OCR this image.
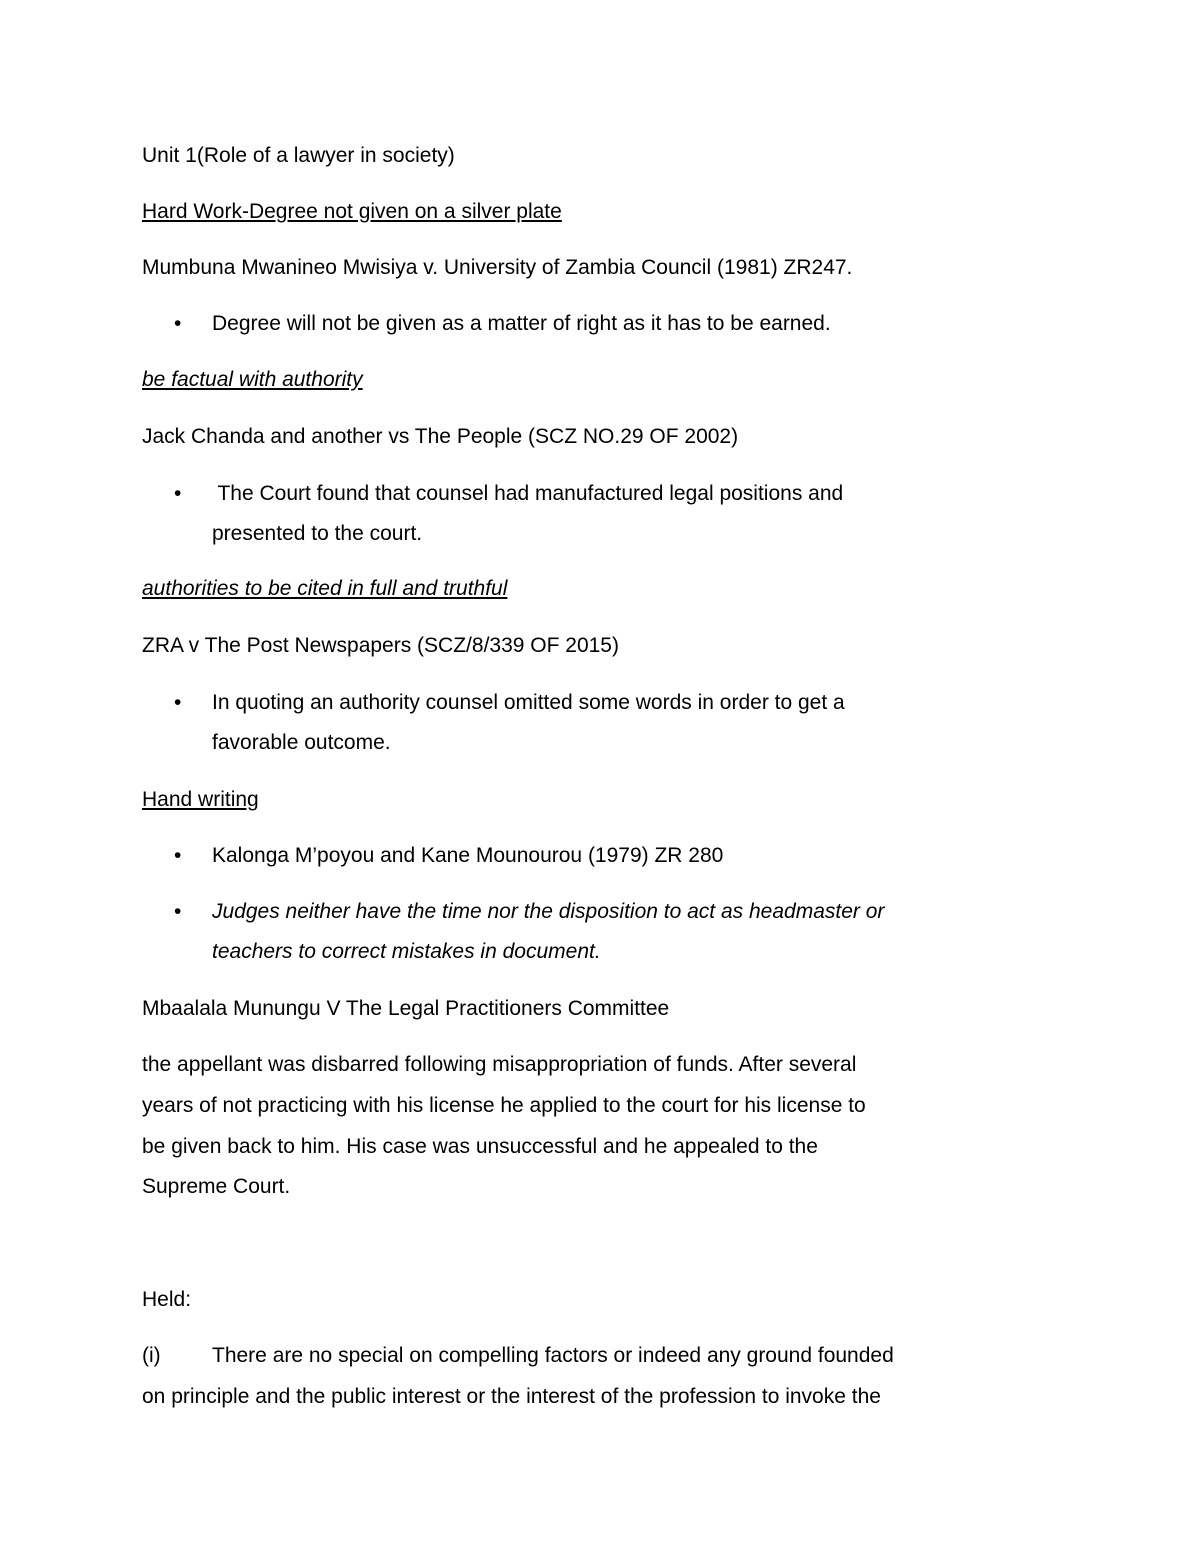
Unit 1(Role of a lawyer in society)
Hard Work-Degree not given on a silver plate
Mumbuna Mwanineo Mwisiya v. University of Zambia Council (1981) ZR247.
• Degree will not be given as a matter of right as it has to be earned.
be factual with authority
Jack Chanda and another vs The People (SCZ NO.29 OF 2002)
• The Court found that counsel had manufactured legal positions and
presented to the court.
authorities to be cited in full and truthful
ZRA v The Post Newspapers (SCZ/8/339 OF 2015)
• In quoting an authority counsel omitted some words in order to get a
favorable outcome.
Hand writing
• Kalonga M’poyou and Kane Mounourou (1979) ZR 280
• Judges neither have the time nor the disposition to act as headmaster or
teachers to correct mistakes in document.
Mbaalala Munungu V The Legal Practitioners Committee
the appellant was disbarred following misappropriation of funds. After several
years of not practicing with his license he applied to the court for his license to
be given back to him. His case was unsuccessful and he appealed to the
Supreme Court.
Held:
(i) There are no special on compelling factors or indeed any ground founded
on principle and the public interest or the interest of the profession to invoke the
